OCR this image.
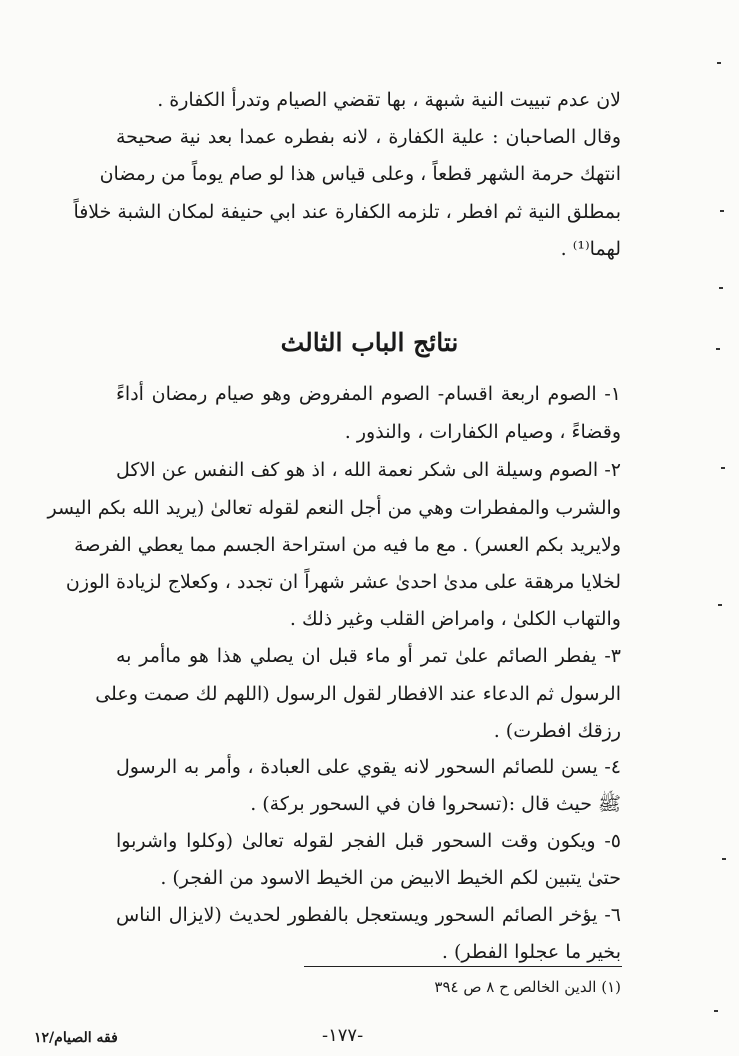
لان عدم تبييت النية شبهة ، بها تقضي الصيام وتدرأ الكفارة .
وقال الصاحبان : علية الكفارة ، لانه بفطره عمدا بعد نية صحيحة
انتهك حرمة الشهر قطعاً ، وعلى قياس هذا لو صام يوماً من رمضان
بمطلق النية ثم افطر ، تلزمه الكفارة عند ابي حنيفة لمكان الشبة خلافاً
لهما⁽¹⁾ .
نتائج الباب الثالث
١- الصوم اربعة اقسام- الصوم المفروض وهو صيام رمضان أداءً
وقضاءً ، وصيام الكفارات ، والنذور .
٢- الصوم وسيلة الى شكر نعمة الله ، اذ هو كف النفس عن الاكل
والشرب والمفطرات وهي من أجل النعم لقوله تعالىٰ (يريد الله بكم اليسر
ولايريد بكم العسر) . مع ما فيه من استراحة الجسم مما يعطي الفرصة
لخلايا مرهقة على مدىٰ احدىٰ عشر شهراً ان تجدد ، وكعلاج لزيادة الوزن
والتهاب الكلىٰ ، وامراض القلب وغير ذلك .
٣- يفطر الصائم علىٰ تمر أو ماء قبل ان يصلي هذا هو ماأمر به
الرسول ثم الدعاء عند الافطار لقول الرسول (اللهم لك صمت وعلى
رزقك افطرت) .
٤- يسن للصائم السحور لانه يقوي على العبادة ، وأمر به الرسول
ﷺ حيث قال :(تسحروا فان في السحور بركة) .
٥- ويكون وقت السحور قبل الفجر لقوله تعالىٰ (وكلوا واشربوا
حتىٰ يتبين لكم الخيط الابيض من الخيط الاسود من الفجر) .
٦- يؤخر الصائم السحور ويستعجل بالفطور لحديث (لايزال الناس
بخير ما عجلوا الفطر) .
(١) الدين الخالص ح ٨ ص ٣٩٤
-١٧٧-
فقه الصيام/١٢
